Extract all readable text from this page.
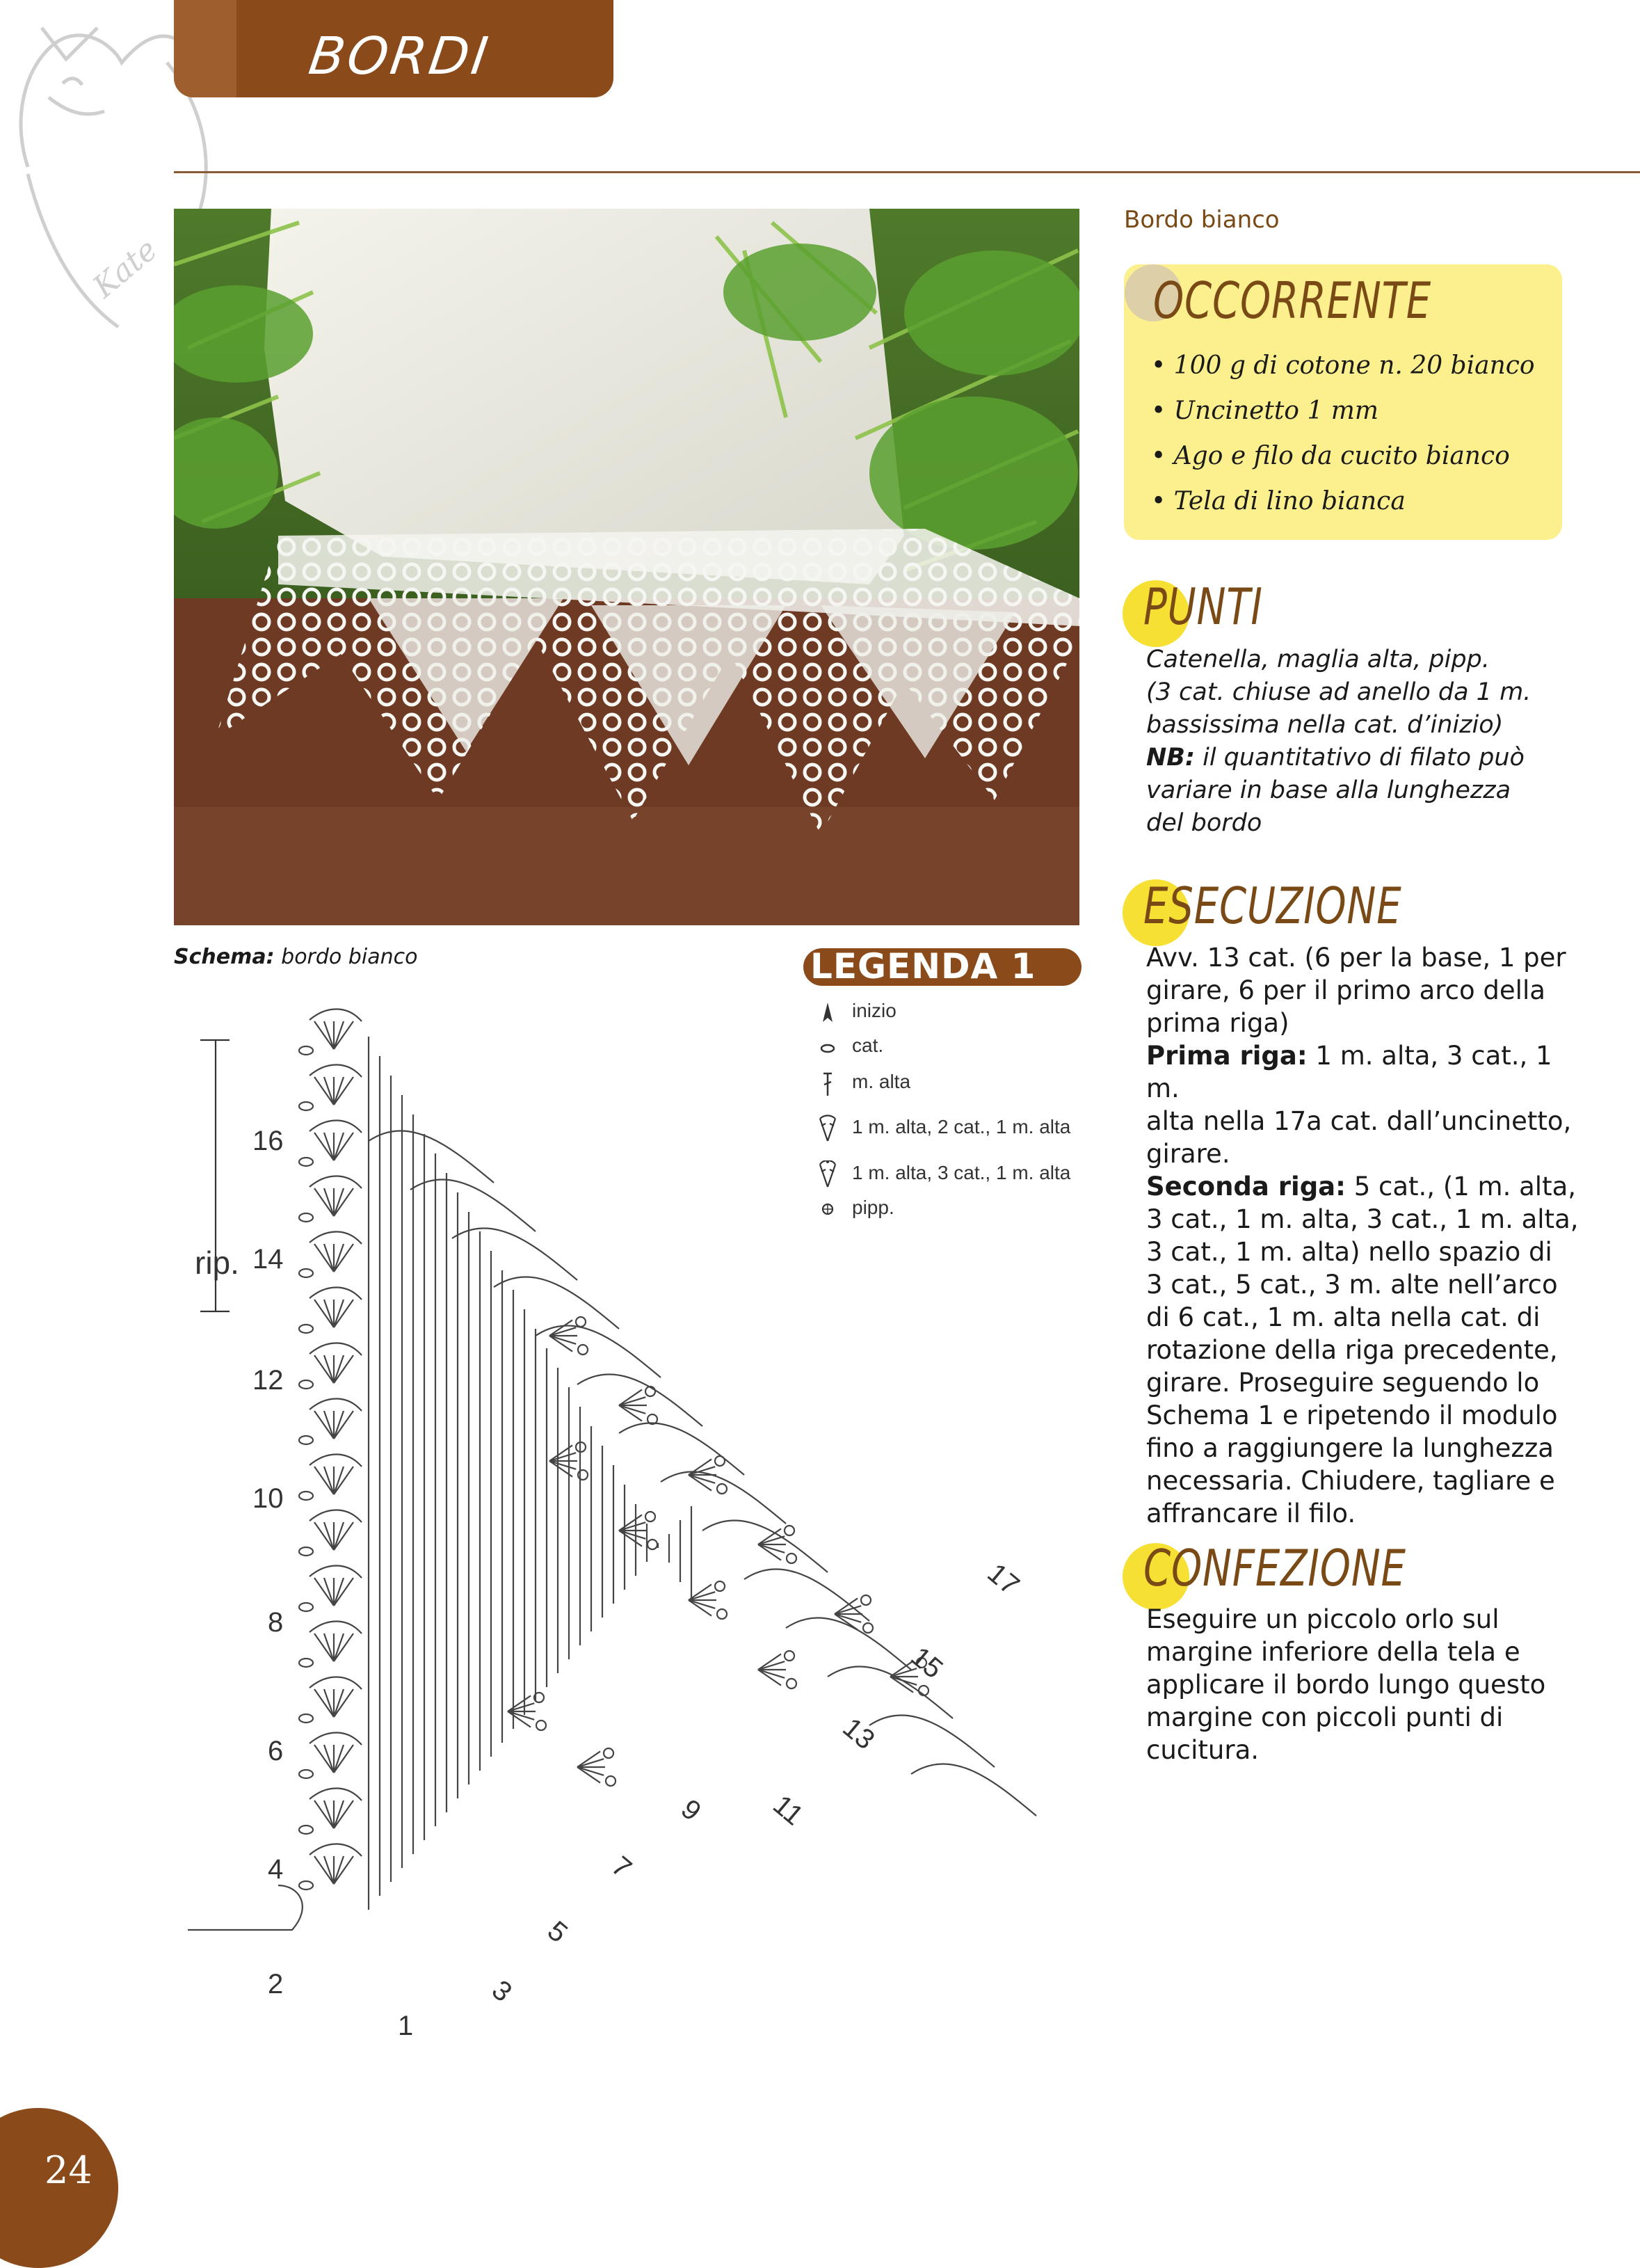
Kate
BORDI
Bordo bianco
OCCORRENTE
• 100 g di cotone n. 20 bianco
• Uncinetto 1 mm
• Ago e filo da cucito bianco
• Tela di lino bianca
PUNTI
Catenella, maglia alta, pipp.
(3 cat. chiuse ad anello da 1 m.
bassissima nella cat. d’inizio)
NB: il quantitativo di filato può
variare in base alla lunghezza
del bordo
ESECUZIONE
Avv. 13 cat. (6 per la base, 1 per
girare, 6 per il primo arco della
prima riga)
Prima riga: 1 m. alta, 3 cat., 1 m.
alta nella 17a cat. dall’uncinetto,
girare.
Seconda riga: 5 cat., (1 m. alta,
3 cat., 1 m. alta, 3 cat., 1 m. alta,
3 cat., 1 m. alta) nello spazio di
3 cat., 5 cat., 3 m. alte nell’arco
di 6 cat., 1 m. alta nella cat. di
rotazione della riga precedente,
girare. Proseguire seguendo lo
Schema 1 e ripetendo il modulo
fino a raggiungere la lunghezza
necessaria. Chiudere, tagliare e
affrancare il filo.
CONFEZIONE
Eseguire un piccolo orlo sul
margine inferiore della tela e
applicare il bordo lungo questo
margine con piccoli punti di
cucitura.
Schema: bordo bianco	LEGENDA 1
inizio
cat.
m. alta
1 m. alta, 2 cat., 1 m. alta
1 m. alta, 3 cat., 1 m. alta
pipp.
rip.
16
14
12
10
8
6
4
2
17
15
13
11
9
7
5
3
1
24
